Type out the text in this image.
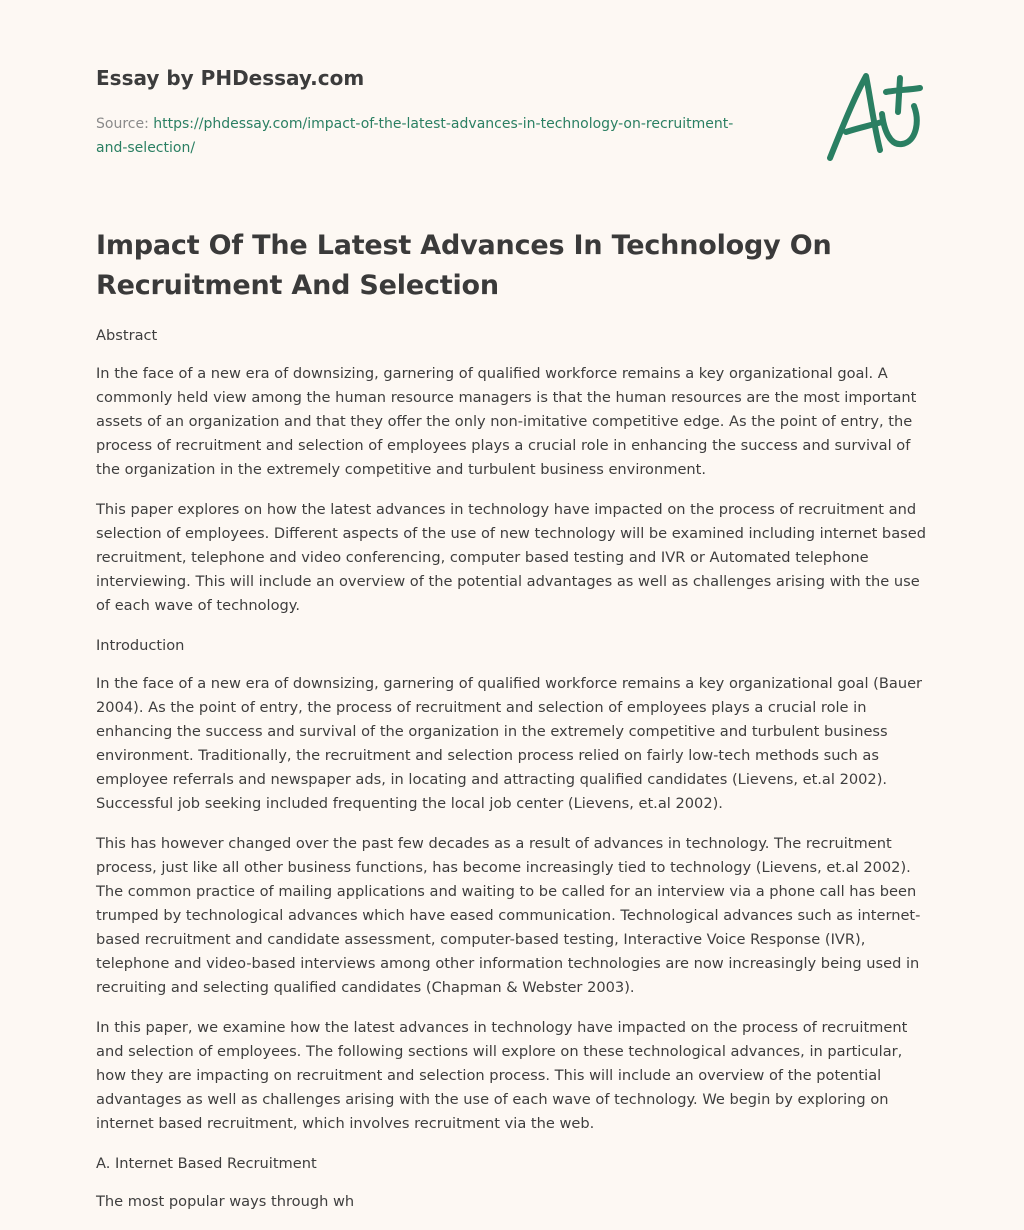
Essay by PHDessay.com
Source: https://phdessay.com/impact-of-the-latest-advances-in-technology-on-recruitment-and-selection/
Impact Of The Latest Advances In Technology On Recruitment And Selection

Abstract

In the face of a new era of downsizing, garnering of qualified workforce remains a key organizational goal. A commonly held view among the human resource managers is that the human resources are the most important assets of an organization and that they offer the only non-imitative competitive edge. As the point of entry, the process of recruitment and selection of employees plays a crucial role in enhancing the success and survival of the organization in the extremely competitive and turbulent business environment.

This paper explores on how the latest advances in technology have impacted on the process of recruitment and selection of employees. Different aspects of the use of new technology will be examined including internet based recruitment, telephone and video conferencing, computer based testing and IVR or Automated telephone interviewing. This will include an overview of the potential advantages as well as challenges arising with the use of each wave of technology.

Introduction

In the face of a new era of downsizing, garnering of qualified workforce remains a key organizational goal (Bauer 2004). As the point of entry, the process of recruitment and selection of employees plays a crucial role in enhancing the success and survival of the organization in the extremely competitive and turbulent business environment. Traditionally, the recruitment and selection process relied on fairly low-tech methods such as employee referrals and newspaper ads, in locating and attracting qualified candidates (Lievens, et.al 2002). Successful job seeking included frequenting the local job center (Lievens, et.al 2002).

This has however changed over the past few decades as a result of advances in technology. The recruitment process, just like all other business functions, has become increasingly tied to technology (Lievens, et.al 2002). The common practice of mailing applications and waiting to be called for an interview via a phone call has been trumped by technological advances which have eased communication. Technological advances such as internet-based recruitment and candidate assessment, computer-based testing, Interactive Voice Response (IVR), telephone and video-based interviews among other information technologies are now increasingly being used in recruiting and selecting qualified candidates (Chapman & Webster 2003).

In this paper, we examine how the latest advances in technology have impacted on the process of recruitment and selection of employees. The following sections will explore on these technological advances, in particular, how they are impacting on recruitment and selection process. This will include an overview of the potential advantages as well as challenges arising with the use of each wave of technology. We begin by exploring on internet based recruitment, which involves recruitment via the web.

A. Internet Based Recruitment

The most popular ways through wh
